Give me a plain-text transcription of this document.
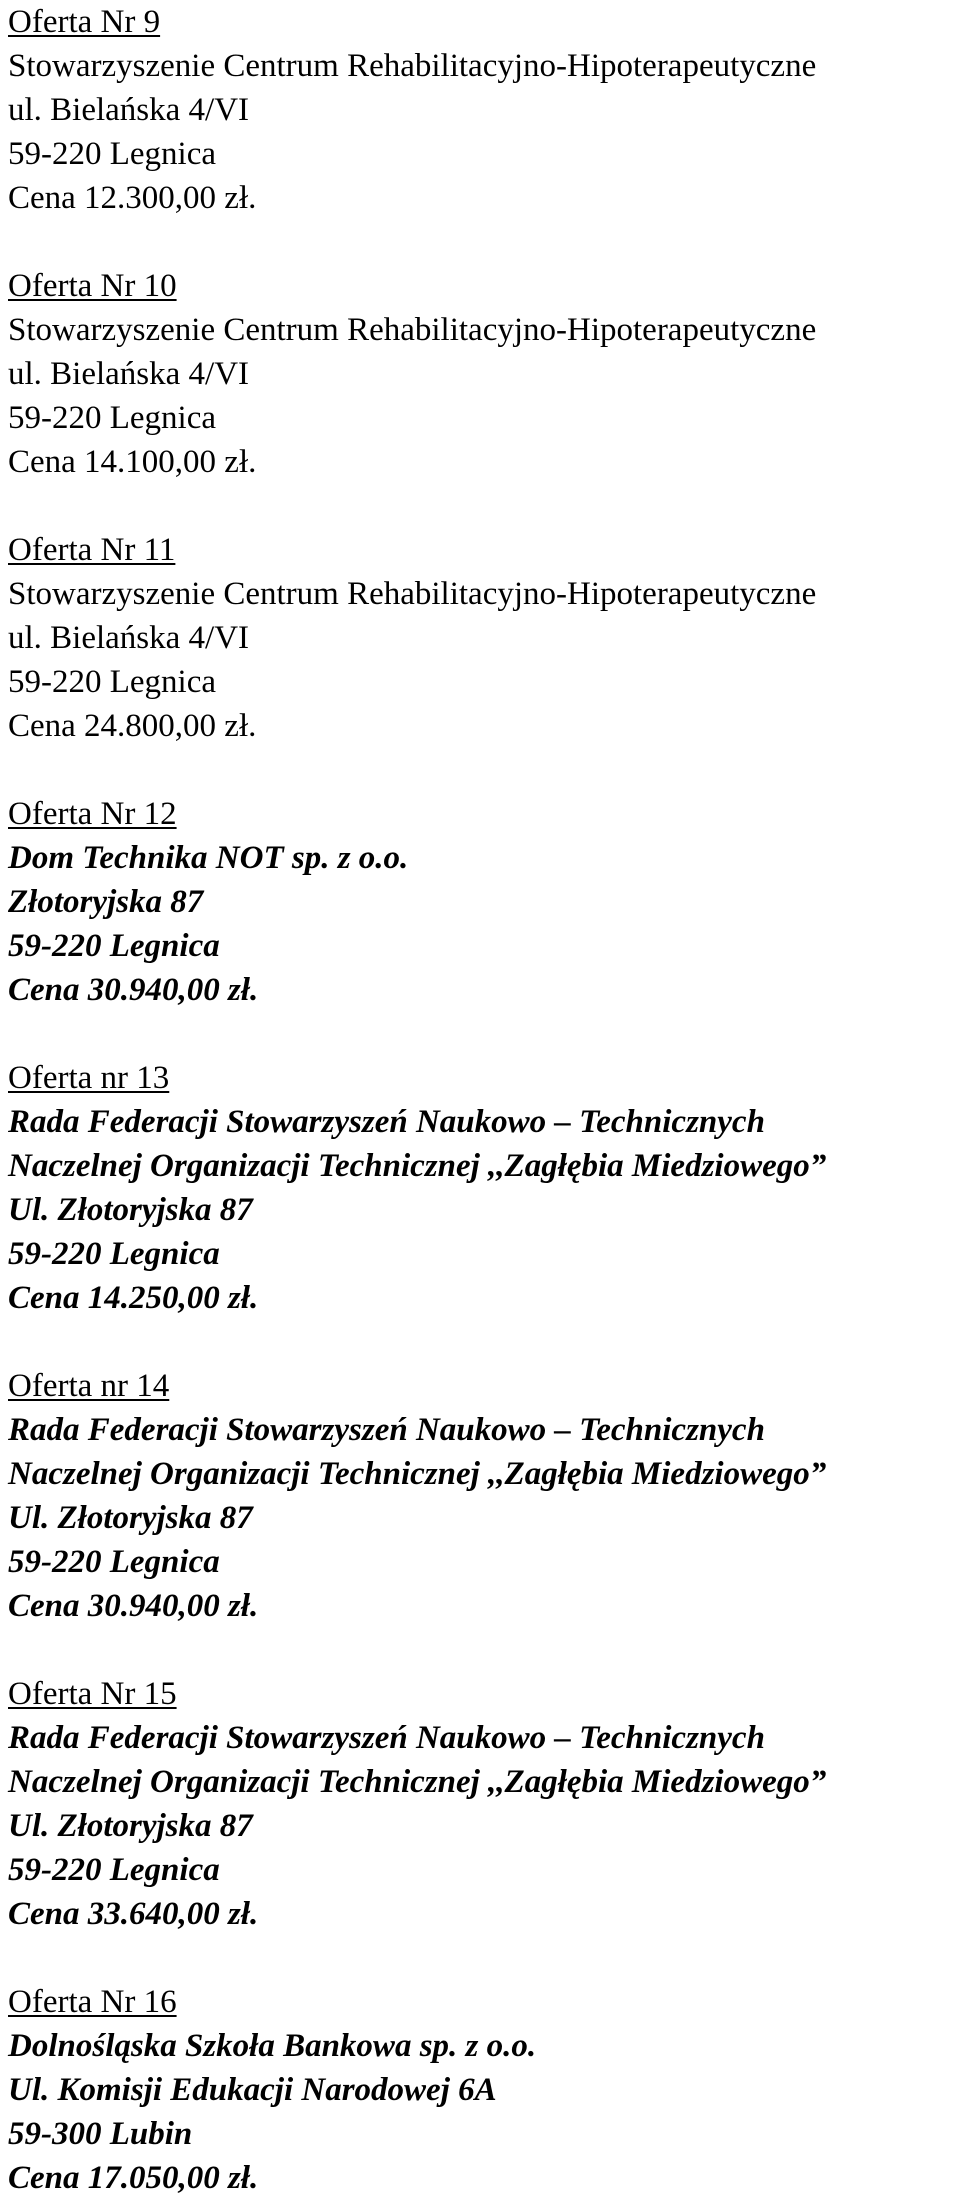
Oferta Nr 9
Stowarzyszenie Centrum Rehabilitacyjno-Hipoterapeutyczne
ul. Bielańska 4/VI
59-220 Legnica
Cena 12.300,00 zł.
Oferta Nr 10
Stowarzyszenie Centrum Rehabilitacyjno-Hipoterapeutyczne
ul. Bielańska 4/VI
59-220 Legnica
Cena 14.100,00 zł.
Oferta Nr 11
Stowarzyszenie Centrum Rehabilitacyjno-Hipoterapeutyczne
ul. Bielańska 4/VI
59-220 Legnica
Cena 24.800,00 zł.
Oferta Nr 12
Dom Technika NOT sp. z o.o.
Złotoryjska 87
59-220 Legnica
Cena 30.940,00 zł.
Oferta nr 13
Rada Federacji Stowarzyszeń Naukowo – Technicznych
Naczelnej Organizacji Technicznej ,,Zagłębia Miedziowego”
Ul. Złotoryjska 87
59-220 Legnica
Cena 14.250,00 zł.
Oferta nr 14
Rada Federacji Stowarzyszeń Naukowo – Technicznych
Naczelnej Organizacji Technicznej ,,Zagłębia Miedziowego”
Ul. Złotoryjska 87
59-220 Legnica
Cena 30.940,00 zł.
Oferta Nr 15
Rada Federacji Stowarzyszeń Naukowo – Technicznych
Naczelnej Organizacji Technicznej ,,Zagłębia Miedziowego”
Ul. Złotoryjska 87
59-220 Legnica
Cena 33.640,00 zł.
Oferta Nr 16
Dolnośląska Szkoła Bankowa sp. z o.o.
Ul. Komisji Edukacji Narodowej 6A
59-300 Lubin
Cena 17.050,00 zł.
